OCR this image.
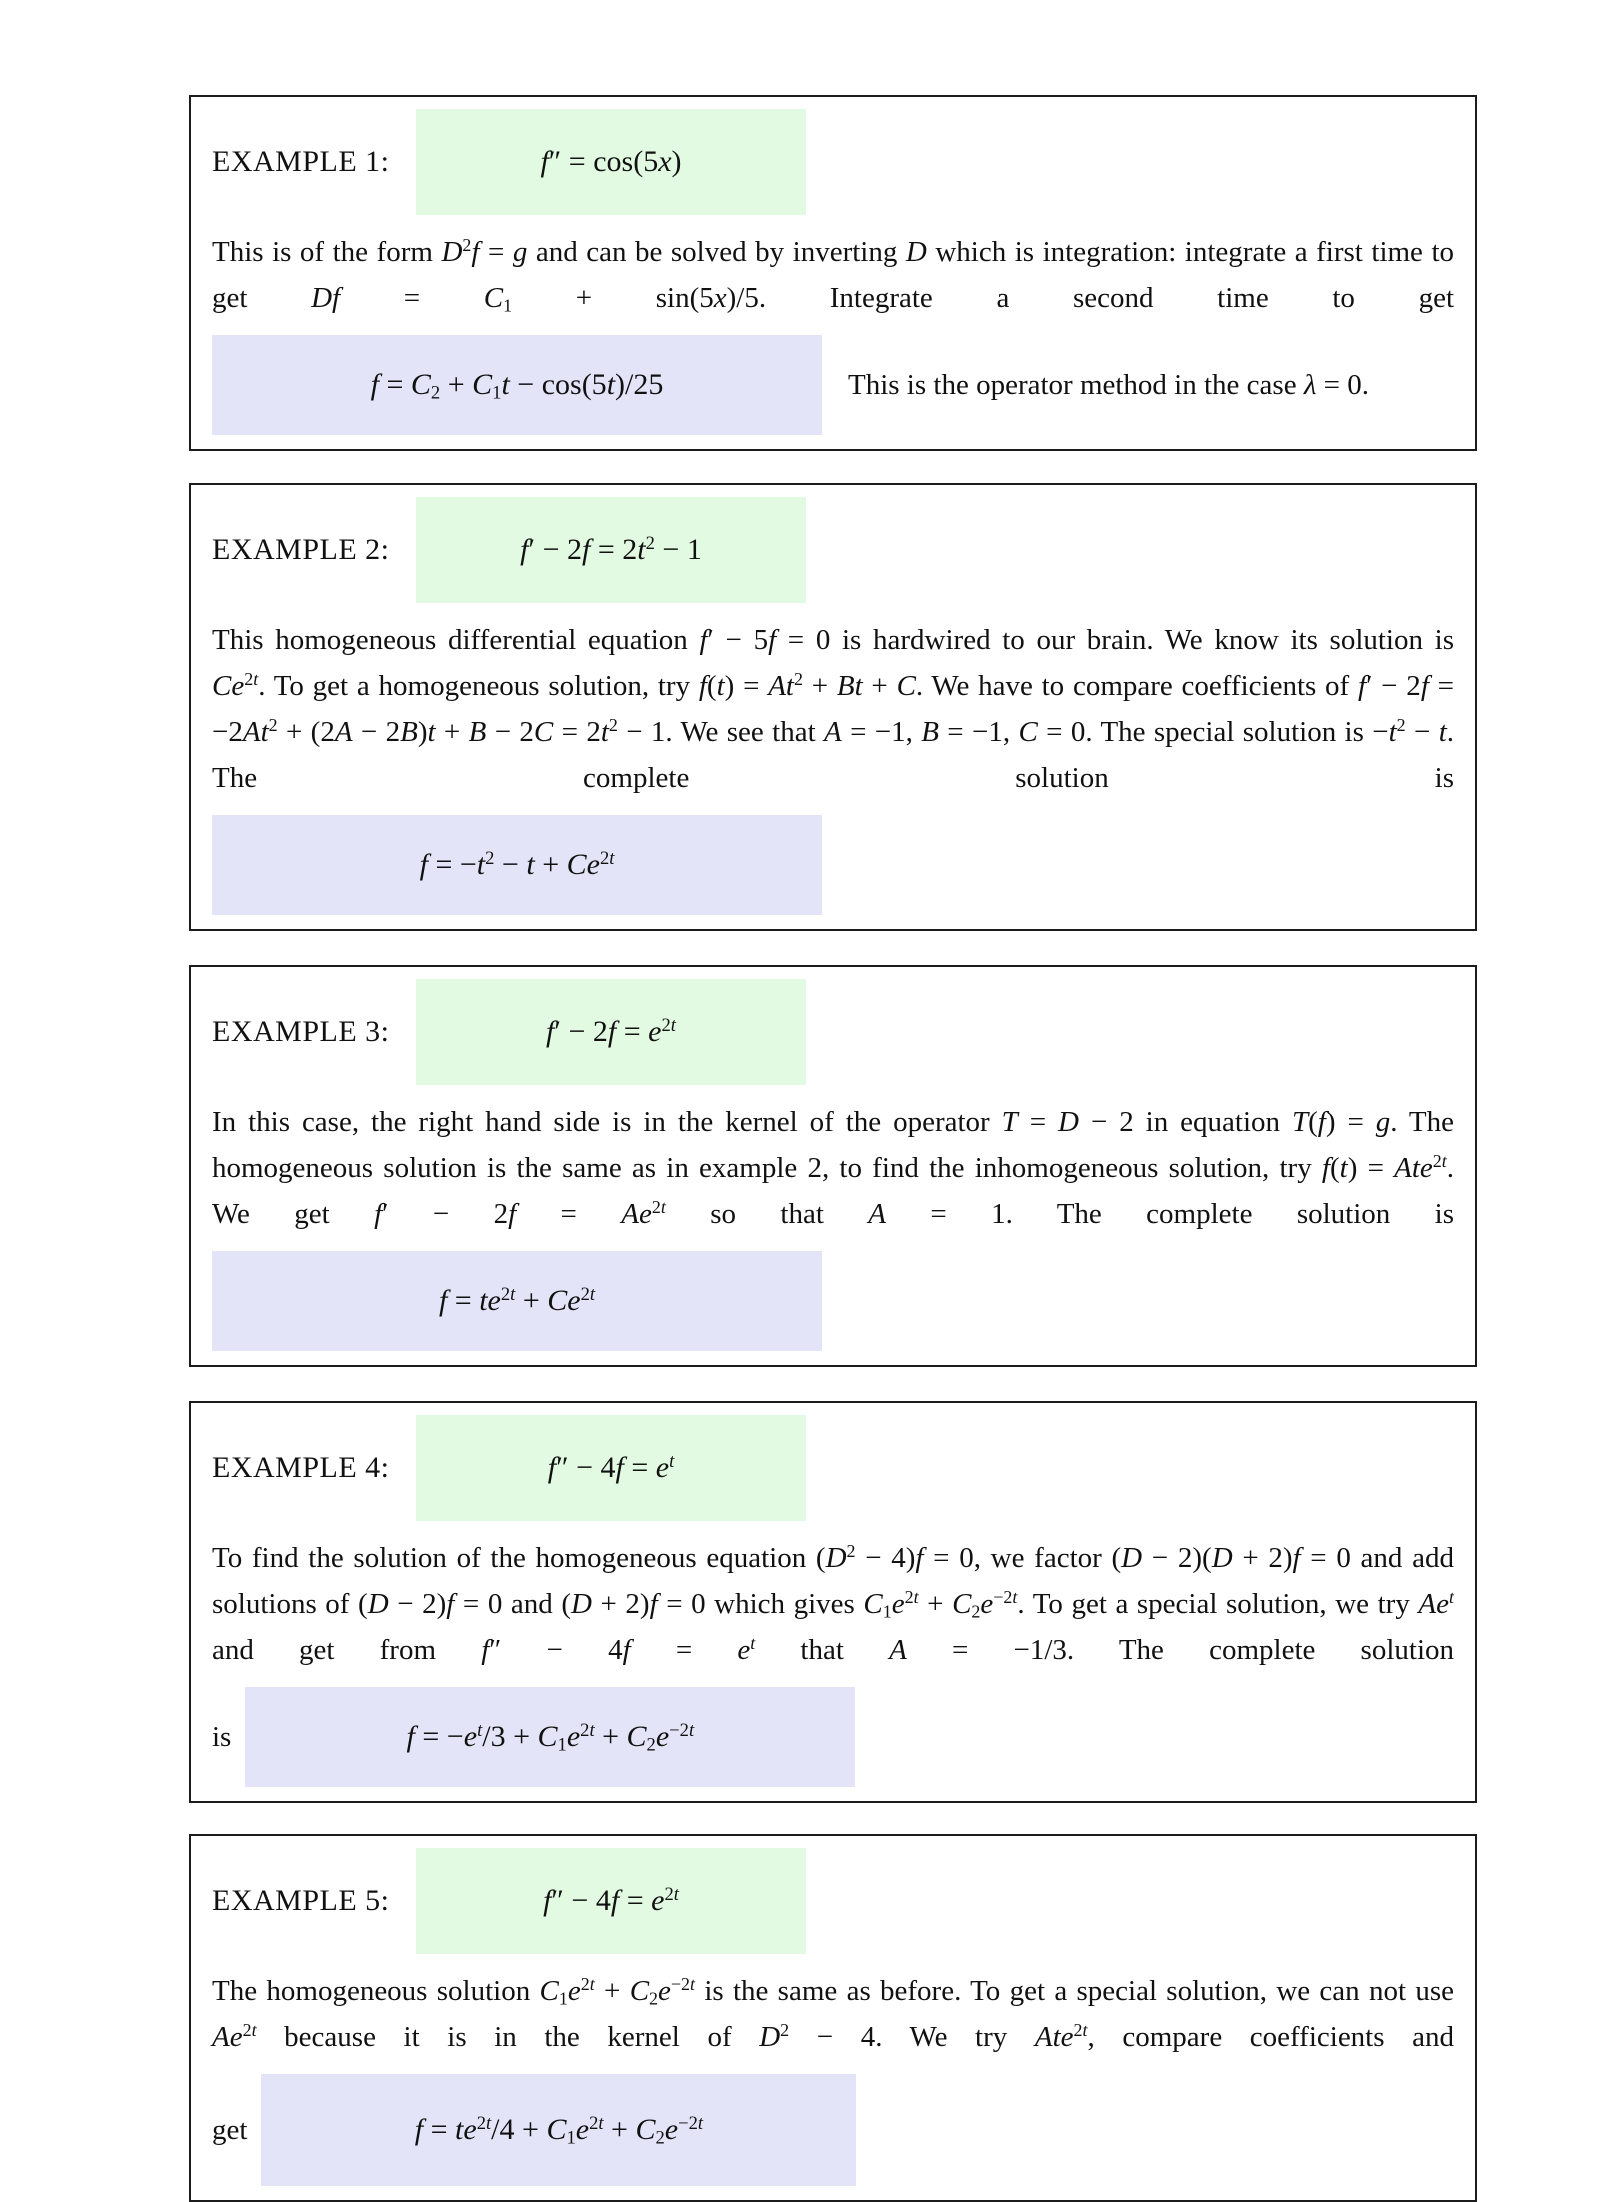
EXAMPLE 1:	f″ = cos(5x)

This is of the form $D^2f = g$ and can be solved by inverting D which is integration: integrate a first time to get $Df = C_1 + \sin(5x)/5$. Integrate a second time to get

$f = C_2 + C_1t - \cos(5t)/25$	This is the operator method in the case λ = 0.
EXAMPLE 2:	$f' - 2f = 2t^2 - 1$

This homogeneous differential equation f′ − 5f = 0 is hardwired to our brain. We know its solution is $Ce^{2t}$. To get a homogeneous solution, try $f(t) = At^2 + Bt + C$. We have to compare coefficients of $f' - 2f = -2At^2 + (2A - 2B)t + B - 2C = 2t^2 - 1$. We see that A = −1, B = −1, C = 0. The special solution is $-t^2 - t$. The complete solution is

$f = -t^2 - t + Ce^{2t}$
EXAMPLE 3:	$f' - 2f = e^{2t}$

In this case, the right hand side is in the kernel of the operator T = D − 2 in equation T(f) = g. The homogeneous solution is the same as in example 2, to find the inhomogeneous solution, try f(t) = Ate$^{2t}$. We get $f' - 2f = Ae^{2t}$ so that A = 1. The complete solution is

$f = te^{2t} + Ce^{2t}$
EXAMPLE 4:	$f'' - 4f = e^t$

To find the solution of the homogeneous equation $(D^2 - 4)f = 0$, we factor (D − 2)(D + 2)f = 0 and add solutions of (D − 2)f = 0 and (D + 2)f = 0 which gives $C_1e^{2t} + C_2e^{-2t}$. To get a special solution, we try Ae$^t$ and get from $f'' - 4f = e^t$ that A = −1/3. The complete solution

is	$f = -e^t/3 + C_1e^{2t} + C_2e^{-2t}$
EXAMPLE 5:	$f'' - 4f = e^{2t}$

The homogeneous solution $C_1e^{2t} + C_2e^{-2t}$ is the same as before. To get a special solution, we can not use $Ae^{2t}$ because it is in the kernel of $D^2 - 4$. We try Ate$^{2t}$, compare coefficients and

get	$f = te^{2t}/4 + C_1e^{2t} + C_2e^{-2t}$
